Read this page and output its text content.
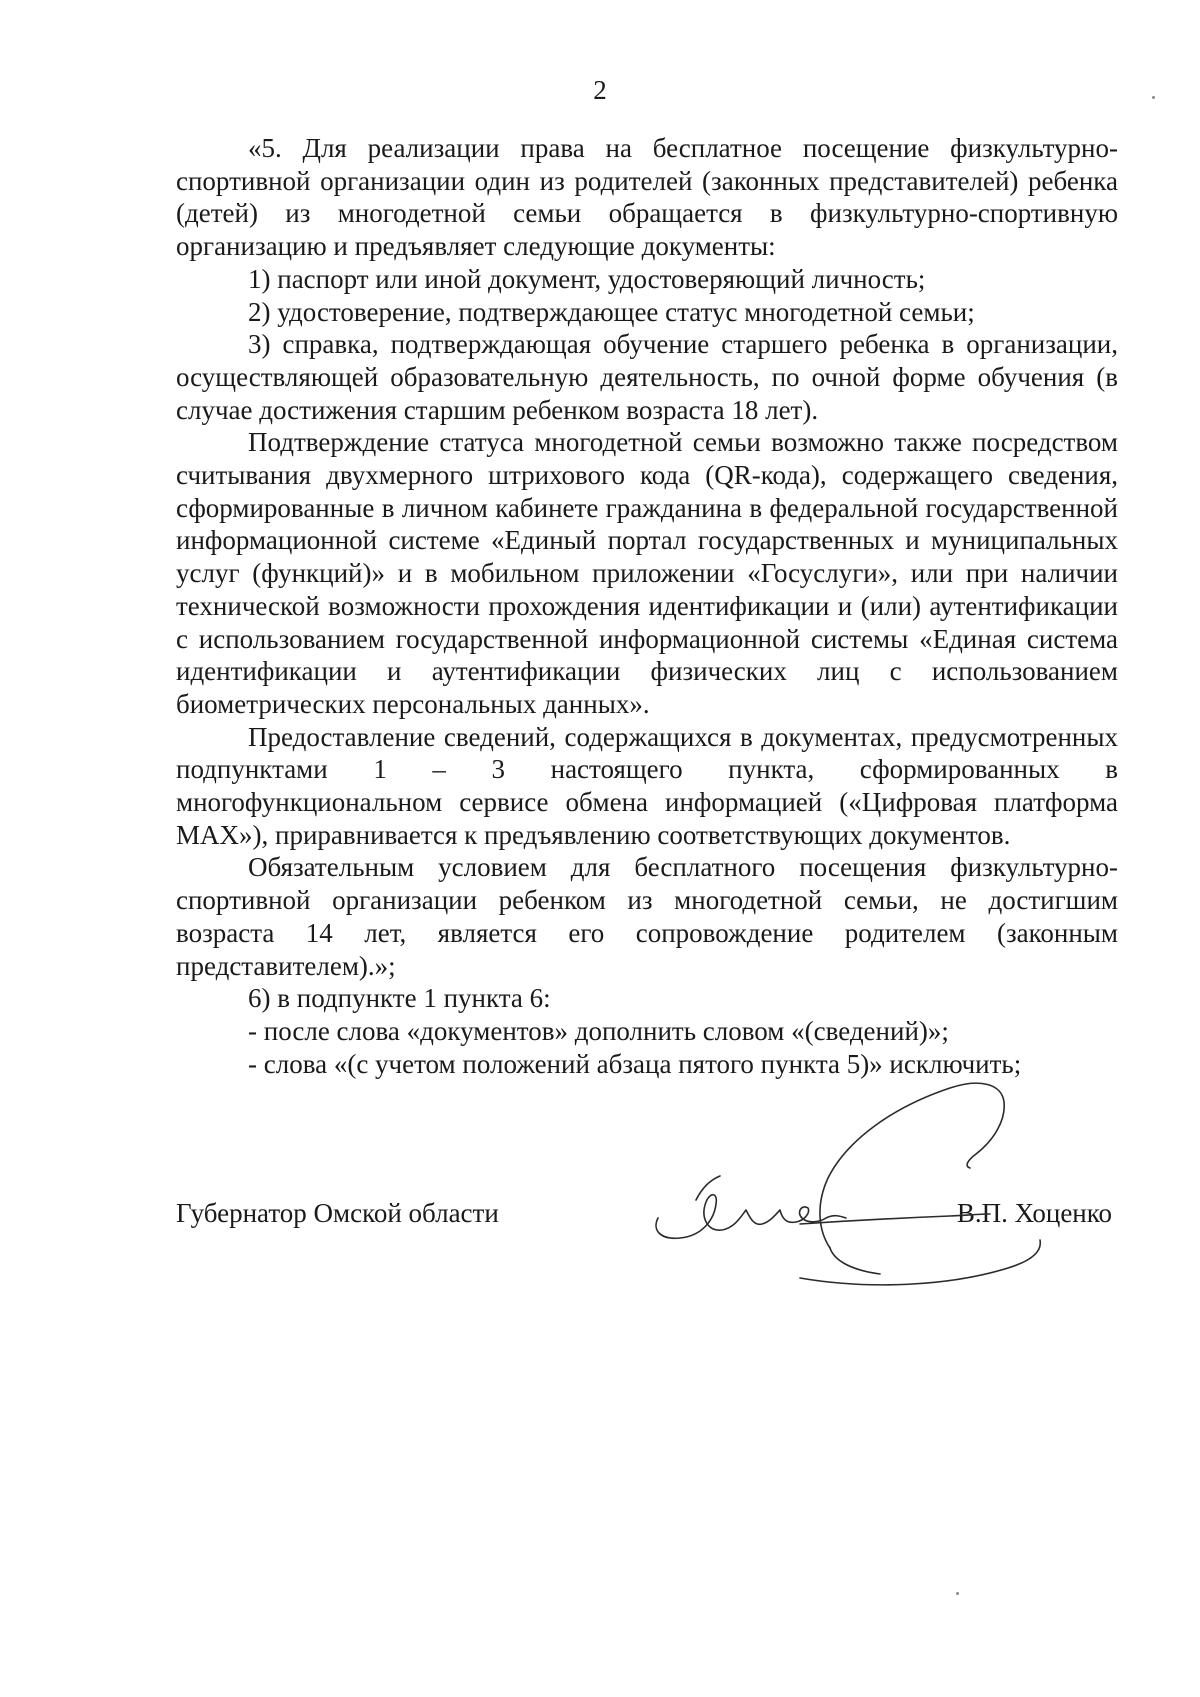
2

«5. Для реализации права на бесплатное посещение физкультурно-спортивной организации один из родителей (законных представителей) ребенка (детей) из многодетной семьи обращается в физкультурно-спортивную организацию и предъявляет следующие документы:

1) паспорт или иной документ, удостоверяющий личность;

2) удостоверение, подтверждающее статус многодетной семьи;

3) справка, подтверждающая обучение старшего ребенка в организации, осуществляющей образовательную деятельность, по очной форме обучения (в случае достижения старшим ребенком возраста 18 лет).

Подтверждение статуса многодетной семьи возможно также посредством считывания двухмерного штрихового кода (QR-кода), содержащего сведения, сформированные в личном кабинете гражданина в федеральной государственной информационной системе «Единый портал государственных и муниципальных услуг (функций)» и в мобильном приложении «Госуслуги», или при наличии технической возможности прохождения идентификации и (или) аутентификации с использованием государственной информационной системы «Единая система идентификации и аутентификации физических лиц с использованием биометрических персональных данных».

Предоставление сведений, содержащихся в документах, предусмотренных подпунктами 1 – 3 настоящего пункта, сформированных в многофункциональном сервисе обмена информацией («Цифровая платформа МАХ»), приравнивается к предъявлению соответствующих документов.

Обязательным условием для бесплатного посещения физкультурно-спортивной организации ребенком из многодетной семьи, не достигшим возраста 14 лет, является его сопровождение родителем (законным представителем).»;

6) в подпункте 1 пункта 6:

- после слова «документов» дополнить словом «(сведений)»;

- слова «(с учетом положений абзаца пятого пункта 5)» исключить;

Губернатор Омской области	В.П. Хоценко
